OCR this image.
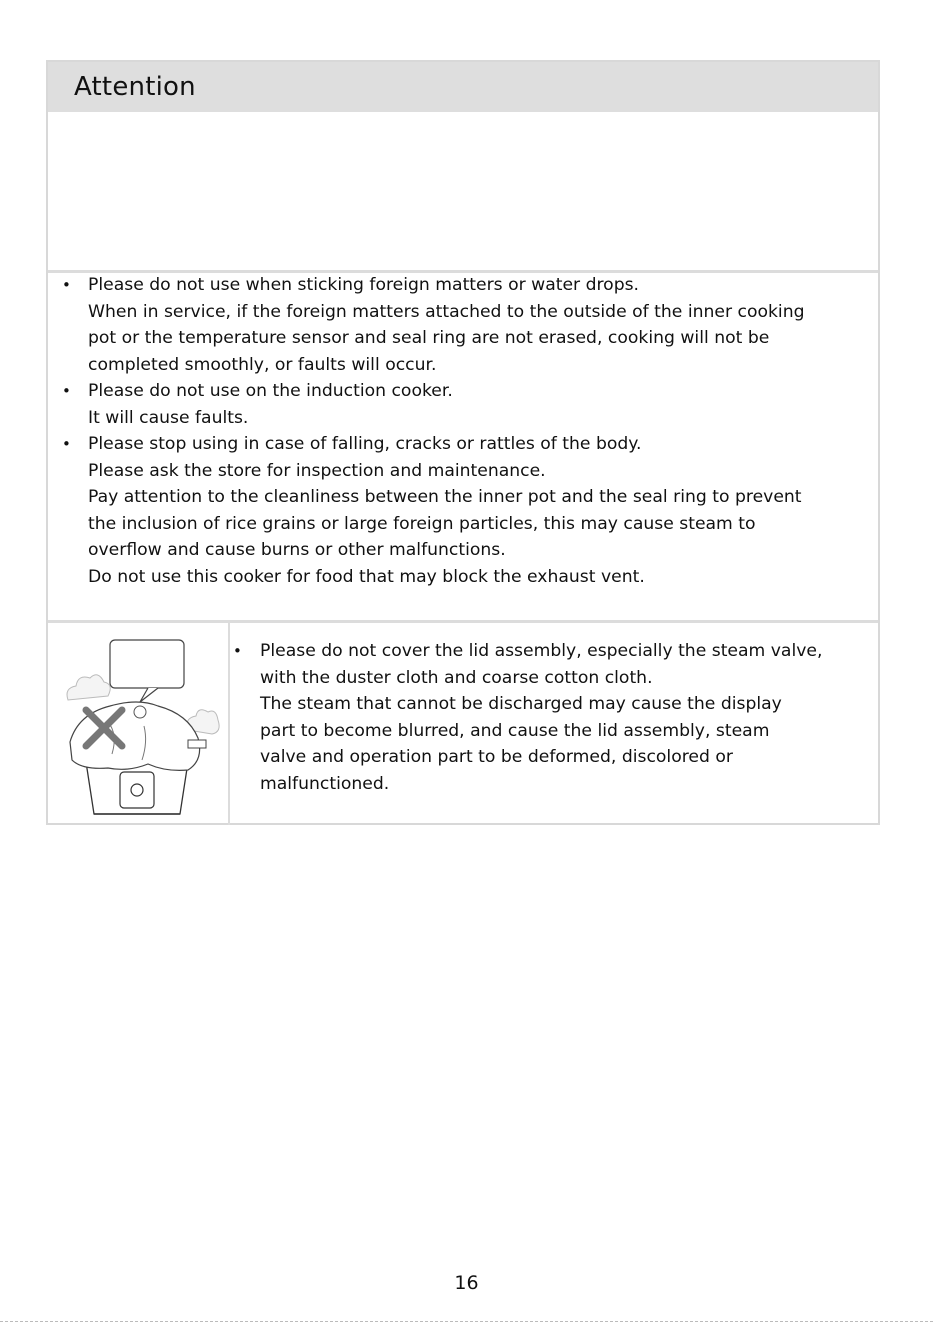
Attention
• Please do not use when sticking foreign matters or water drops.
When in service, if the foreign matters attached to the outside of the inner cooking
pot or the temperature sensor and seal ring are not erased, cooking will not be
completed smoothly, or faults will occur.
• Please do not use on the induction cooker.
It will cause faults.
• Please stop using in case of falling, cracks or rattles of the body.
Please ask the store for inspection and maintenance.
Pay attention to the cleanliness between the inner pot and the seal ring to prevent
the inclusion of rice grains or large foreign particles, this may cause steam to
overflow and cause burns or other malfunctions.
Do not use this cooker for food that may block the exhaust vent.
• Please do not cover the lid assembly, especially the steam valve,
with the duster cloth and coarse cotton cloth.
The steam that cannot be discharged may cause the display
part to become blurred, and cause the lid assembly, steam
valve and operation part to be deformed, discolored or
malfunctioned.
16
